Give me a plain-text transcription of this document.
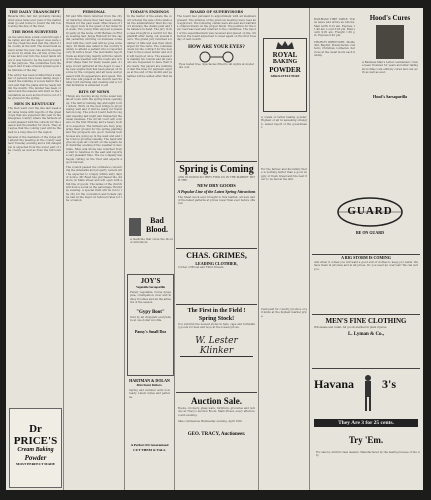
THE DAILY TRANSCRIPT
Bavaria Ohio fair but probably raining wind gives rates ever year of the matter shall go and home to board the hill town along the line of the river.
THE BOSS SURVEYED
As the wind blew a lark overs through the valley and all the upper ones were over the creek the men met the chief of the county at the mill. The board held session under the new rule and the deputies stood by while the old line of the road was laid over into the lower lands where it was found to be the best ground for the purpose. The committee took the report and it was ordered spread upon the minutes of the day.
The editor has been notified that a number of persons have been taking steps toward the building of a new hall in the town and that the plans will be ready within the month. The lumber has been ordered and the masons will start on the foundation as soon as the frost is out of the ground in the spring.
MEN IN KENTUCKY
The men went over the line last week and came home with reports of the great crops that are expected this year in the bluegrass country where the farmers are well pleased with the outlook for the season and the market for stock. They all agree that the coming year will be the best in a long time for the region.
Several of the members of the lodge will attend the meeting at the county seat next Tuesday evening and a full delegation is expected from the lower part of the county as well as from the hill towns.
Dr PRICE'S
Cream Baking
Powder
MOST PERFECT MADE
PERSONAL
Mr and Mrs Dunn returned from the city on Saturday where they had been visiting friends for the past week. Miss Green of the upper town is the guest of her sister this week. The young folks enjoyed a pleasant party at the home of Mr Barnes on Friday evening last. Judge Hall left for the capital yesterday morning on business connected with the court and will be gone some days. Dr Wells was called to the country Sunday to attend a patient who is reported very ill with a fever. The merchants report trade as improving rapidly with the return of the fine weather and the roads are in better shape than for many weeks past. A large crowd gathered at the depot to see the new engine that has been placed on the line by the company and all were well pleased with its appearance and speed. Rev Mr Cole will preach at the church next Sunday both morning and evening and a cordial invitation is extended to all.
BITS OF NEWS
Things are moving along in the usual way about town with the spring trade opening up. The mill is running day and night to fill orders. Work on the new bridge is progressing well and it will be ready for travel before long. The school board held its regular meeting last night and transacted the usual business. The circuit court will convene on the first Monday and a heavy docket is expected. The farmers are busy preparing their ground for the spring planting and the prospects are good. Several new houses are going up in the west end and the town is growing steadily. The band will give an open air concert on the square next Saturday evening if the weather is favorable. Miss Ada Stone has returned from a visit to relatives in the east and reports a very pleasant time. The ice company has begun cutting on the river and expects a good harvest.
The council passed the ordinance concerning the sidewalks and property owners will be expected to comply within sixty days of notice. Mr Reed has purchased the old store on Main street and will open with a full line of goods. The ladies of the church will hold a social at the parsonage Thursday evening. A special train will be run to the city for the convention and tickets can be had at the depot at reduced rates for the occasion.
TODAY'S ENDINGS
In the matter of the estate the court ordered the sale of the lands and the administrator filed his report showing the claims paid and the balance in hand. The jury in the case brought in a verdict for the plaintiff after being out several hours. The grand jury returned a number of bills and was then discharged for the term. The commissioners let the contract for the new road to the lowest bidder and work will begin at once. The assessor is making his rounds and all persons are requested to have their lists ready. Tax payers are reminded that the time for payment expires at the end of the month and penalties will be added after that date.
Bad Blood.
A medicine that cures the blood of all humors.
JOY'S
Vegetable Sarsaparilla
Purely vegetable. Cures dyspepsia, constipation, liver and kidney troubles and all the ailments of the season.
"Gypy Boot"
Sold by all druggists everywhere at one dollar a bottle.
Pansy's Small Doz
HARTMAN & DOLAN
Merchant Tailors.
Spring and summer suits now ready. Latest styles and patterns.
A Perfect Fit Guaranteed
CUT THEM & TALL
BOARD OF SUPERVISORS
The board met pursuant to adjournment with all members present. The minutes of the previous meeting were read and approved. The following claims were allowed and warrants ordered drawn on the proper funds. The petition for the new road was read and referred to the committee. The report of the superintendent was received and placed on file. On motion the board adjourned to meet again on the first Tuesday of next month.
HOW ARE YOUR EYES?
Eyes tested free. Spectacles fitted to all sights at moderate cost.
Spring is Coming
AND IN DOING SO THEY FIND US IN THE MARKET WITH THE
NEW DRY GOODS
A Popular Line of the Latest Spring Attractions
The finest stock ever brought to this market, all new and of the latest patterns at prices lower than ever before offered.
CHAS. GRIMES,
LEADING CLOTHIER,
Corner of Broad and Third Streets.
The First in the Field !
Spring Stock!
You will find the newest styles in hats, caps and furnishing goods for men and boys at the lowest prices.
W. Lester Klinker
Auction Sale.
Books, crockery, glass ware, furniture, groceries and notions at Tracy's Auction Room, Main Street, every afternoon and evening.
Sale commences Wednesday evening, April 10th.
GEO. TRACY, Auctioneer.
ROYAL
BAKING
POWDER
ABSOLUTELY PURE
A cream of tartar baking powder. Highest of all in leavening strength. Latest report of the government.
For the farmer and his family there is nothing better than a good supply of fresh bread and the best flour to be had at the mill.
Cash paid for country produce of all kinds at the highest market price.
RAILROAD TIME TABLE. Trains leave and arrive as follows. Mail north 8:15 am. Express 11:40 am. Local 3:20 pm. Mail south 9:05 am. Freight 1:30 pm. Express 6:45 pm.
CHURCH DIRECTORY. Methodist, Baptist, Presbyterian, Catholic, Christian, Lutheran. Services at the usual hours each Sunday.
Hood's Cures
A Business Man's Letter. Gentlemen: I have been troubled for years and after taking six bottles I am entirely cured and can work as well as ever.
Hood's Sarsaparilla
GUARD
BE ON GUARD
A BIG STORM IS COMING
And when it comes you will want a good suit of clothes to keep you warm. We have them in all sizes and at all prices. Do you need an overcoat? We can suit you.
MEN'S FINE CLOTHING
Wholesale and retail. All goods marked in plain figures.
L. Lyman & Co.,
Havana 3's
They Are 3 for 25 cents.
Try 'Em.
For sale by all first class dealers. Manufactured by the leading houses of the city.
